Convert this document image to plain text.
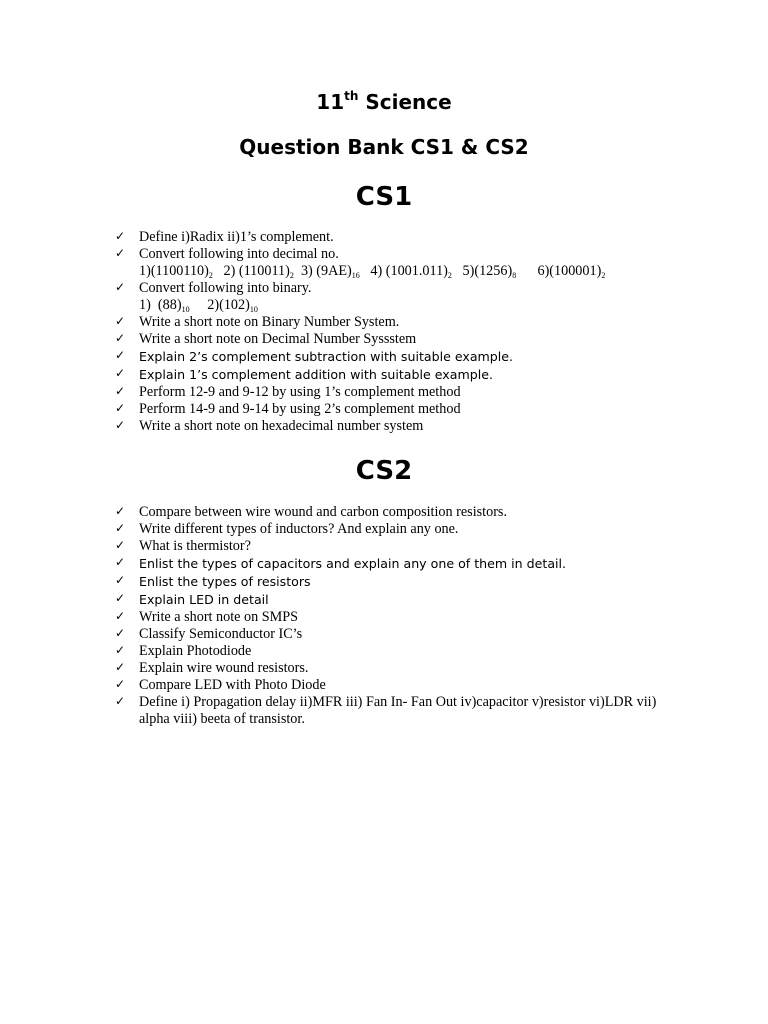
11th Science
Question Bank CS1 & CS2
CS1
✓ Define i)Radix ii)1’s complement.
✓ Convert following into decimal no.
$1)(1100110)_2$   2) $(110011)_2$  3) $(9AE)_{16}$   4) $(1001.011)_2$   $5)(1256)_8$      $6)(100001)_2$
✓ Convert following into binary.
1)  $(88)_{10}$     $2)(102)_{10}$
✓ Write a short note on Binary Number System.
✓ Write a short note on Decimal Number Syssstem
✓ Explain 2’s complement subtraction with suitable example.
✓ Explain 1’s complement addition with suitable example.
✓ Perform 12-9 and 9-12 by using 1’s complement method
✓ Perform 14-9 and 9-14 by using 2’s complement method
✓ Write a short note on hexadecimal number system
CS2
✓ Compare between wire wound and carbon composition resistors.
✓ Write different types of inductors? And explain any one.
✓ What is thermistor?
✓ Enlist the types of capacitors and explain any one of them in detail.
✓ Enlist the types of resistors
✓ Explain LED in detail
✓ Write a short note on SMPS
✓ Classify Semiconductor IC’s
✓ Explain Photodiode
✓ Explain wire wound resistors.
✓ Compare LED with Photo Diode
✓ Define i) Propagation delay ii)MFR iii) Fan In- Fan Out iv)capacitor v)resistor vi)LDR vii) alpha viii) beeta of transistor.
